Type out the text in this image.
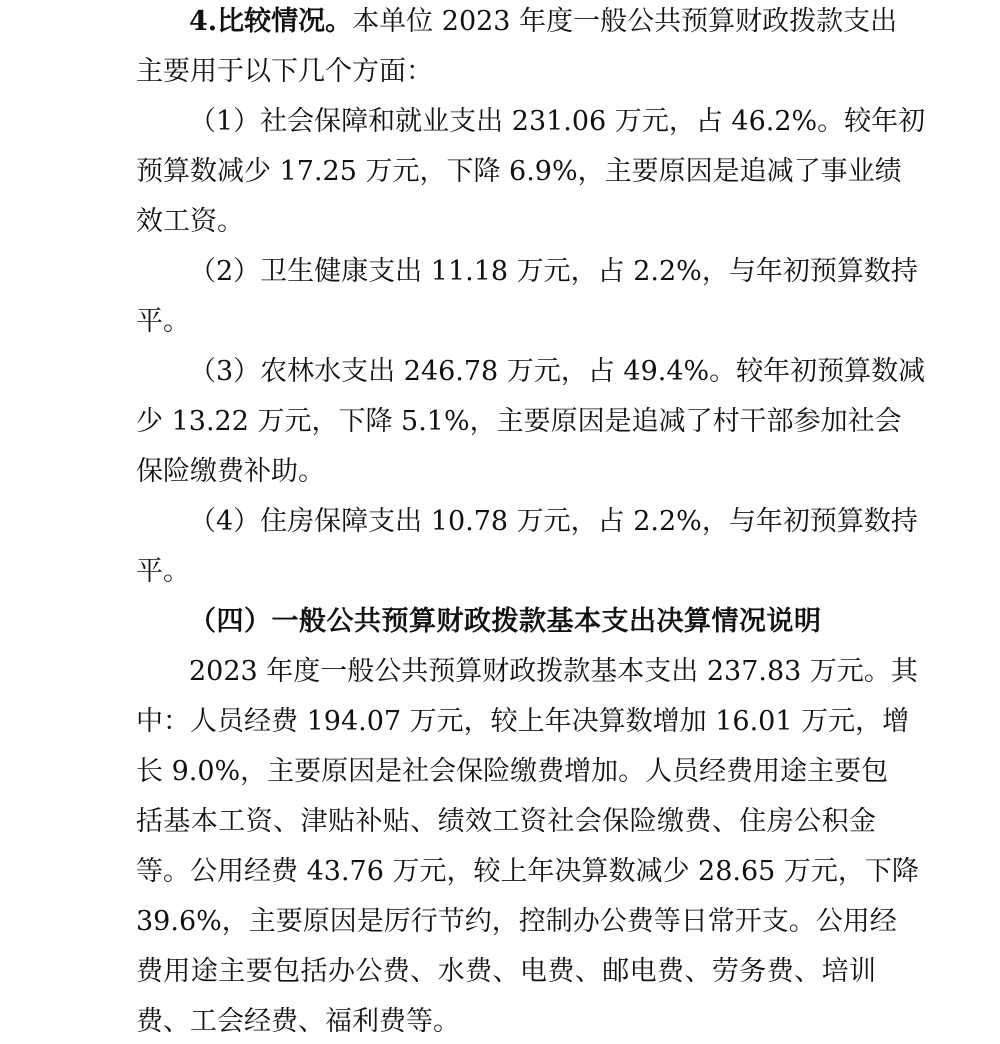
4.比较情况。本单位 2023 年度一般公共预算财政拨款支出
主要用于以下几个方面：
（1）社会保障和就业支出 231.06 万元，占 46.2%。较年初
预算数减少 17.25 万元，下降 6.9%，主要原因是追减了事业绩
效工资。
（2）卫生健康支出 11.18 万元，占 2.2%，与年初预算数持
平。
（3）农林水支出 246.78 万元，占 49.4%。较年初预算数减
少 13.22 万元，下降 5.1%，主要原因是追减了村干部参加社会
保险缴费补助。
（4）住房保障支出 10.78 万元，占 2.2%，与年初预算数持
平。
（四）一般公共预算财政拨款基本支出决算情况说明
2023 年度一般公共预算财政拨款基本支出 237.83 万元。其
中：人员经费 194.07 万元，较上年决算数增加 16.01 万元，增
长 9.0%，主要原因是社会保险缴费增加。人员经费用途主要包
括基本工资、津贴补贴、绩效工资社会保险缴费、住房公积金
等。公用经费 43.76 万元，较上年决算数减少 28.65 万元，下降
39.6%，主要原因是厉行节约，控制办公费等日常开支。公用经
费用途主要包括办公费、水费、电费、邮电费、劳务费、培训
费、工会经费、福利费等。
